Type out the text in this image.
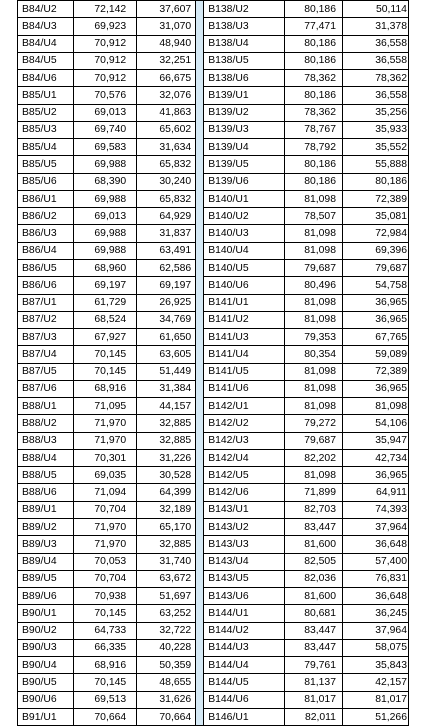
B84/U2	72,142	37,607
B84/U3	69,923	31,070
B84/U4	70,912	48,940
B84/U5	70,912	32,251
B84/U6	70,912	66,675
B85/U1	70,576	32,076
B85/U2	69,013	41,863
B85/U3	69,740	65,602
B85/U4	69,583	31,634
B85/U5	69,988	65,832
B85/U6	68,390	30,240
B86/U1	69,988	65,832
B86/U2	69,013	64,929
B86/U3	69,988	31,837
B86/U4	69,988	63,491
B86/U5	68,960	62,586
B86/U6	69,197	69,197
B87/U1	61,729	26,925
B87/U2	68,524	34,769
B87/U3	67,927	61,650
B87/U4	70,145	63,605
B87/U5	70,145	51,449
B87/U6	68,916	31,384
B88/U1	71,095	44,157
B88/U2	71,970	32,885
B88/U3	71,970	32,885
B88/U4	70,301	31,226
B88/U5	69,035	30,528
B88/U6	71,094	64,399
B89/U1	70,704	32,189
B89/U2	71,970	65,170
B89/U3	71,970	32,885
B89/U4	70,053	31,740
B89/U5	70,704	63,672
B89/U6	70,938	51,697
B90/U1	70,145	63,252
B90/U2	64,733	32,722
B90/U3	66,335	40,228
B90/U4	68,916	50,359
B90/U5	70,145	48,655
B90/U6	69,513	31,626
B91/U1	70,664	70,664
B138/U2	80,186	50,114
B138/U3	77,471	31,378
B138/U4	80,186	36,558
B138/U5	80,186	36,558
B138/U6	78,362	78,362
B139/U1	80,186	36,558
B139/U2	78,362	35,256
B139/U3	78,767	35,933
B139/U4	78,792	35,552
B139/U5	80,186	55,888
B139/U6	80,186	80,186
B140/U1	81,098	72,389
B140/U2	78,507	35,081
B140/U3	81,098	72,984
B140/U4	81,098	69,396
B140/U5	79,687	79,687
B140/U6	80,496	54,758
B141/U1	81,098	36,965
B141/U2	81,098	36,965
B141/U3	79,353	67,765
B141/U4	80,354	59,089
B141/U5	81,098	72,389
B141/U6	81,098	36,965
B142/U1	81,098	81,098
B142/U2	79,272	54,106
B142/U3	79,687	35,947
B142/U4	82,202	42,734
B142/U5	81,098	36,965
B142/U6	71,899	64,911
B143/U1	82,703	74,393
B143/U2	83,447	37,964
B143/U3	81,600	36,648
B143/U4	82,505	57,400
B143/U5	82,036	76,831
B143/U6	81,600	36,648
B144/U1	80,681	36,245
B144/U2	83,447	37,964
B144/U3	83,447	58,075
B144/U4	79,761	35,843
B144/U5	81,137	42,157
B144/U6	81,017	81,017
B146/U1	82,011	51,266
